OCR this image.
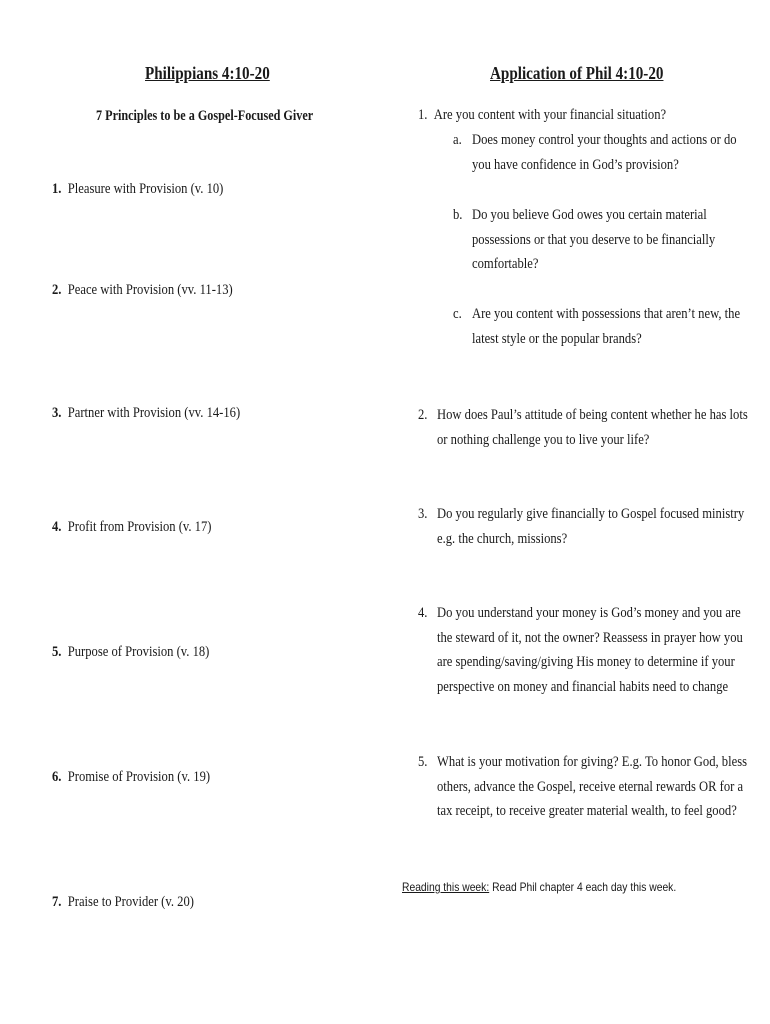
Philippians 4:10-20
7 Principles to be a Gospel-Focused Giver
1. Pleasure with Provision (v. 10)
2. Peace with Provision (vv. 11-13)
3. Partner with Provision (vv. 14-16)
4. Profit from Provision (v. 17)
5. Purpose of Provision (v. 18)
6. Promise of Provision (v. 19)
7. Praise to Provider (v. 20)
Application of Phil 4:10-20
1. Are you content with your financial situation?
a. Does money control your thoughts and actions or do
you have confidence in God’s provision?
b. Do you believe God owes you certain material
possessions or that you deserve to be financially
comfortable?
c. Are you content with possessions that aren’t new, the
latest style or the popular brands?
2. How does Paul’s attitude of being content whether he has lots
or nothing challenge you to live your life?
3. Do you regularly give financially to Gospel focused ministry
e.g. the church, missions?
4. Do you understand your money is God’s money and you are
the steward of it, not the owner? Reassess in prayer how you
are spending/saving/giving His money to determine if your
perspective on money and financial habits need to change
5. What is your motivation for giving? E.g. To honor God, bless
others, advance the Gospel, receive eternal rewards OR for a
tax receipt, to receive greater material wealth, to feel good?
Reading this week: Read Phil chapter 4 each day this week.
